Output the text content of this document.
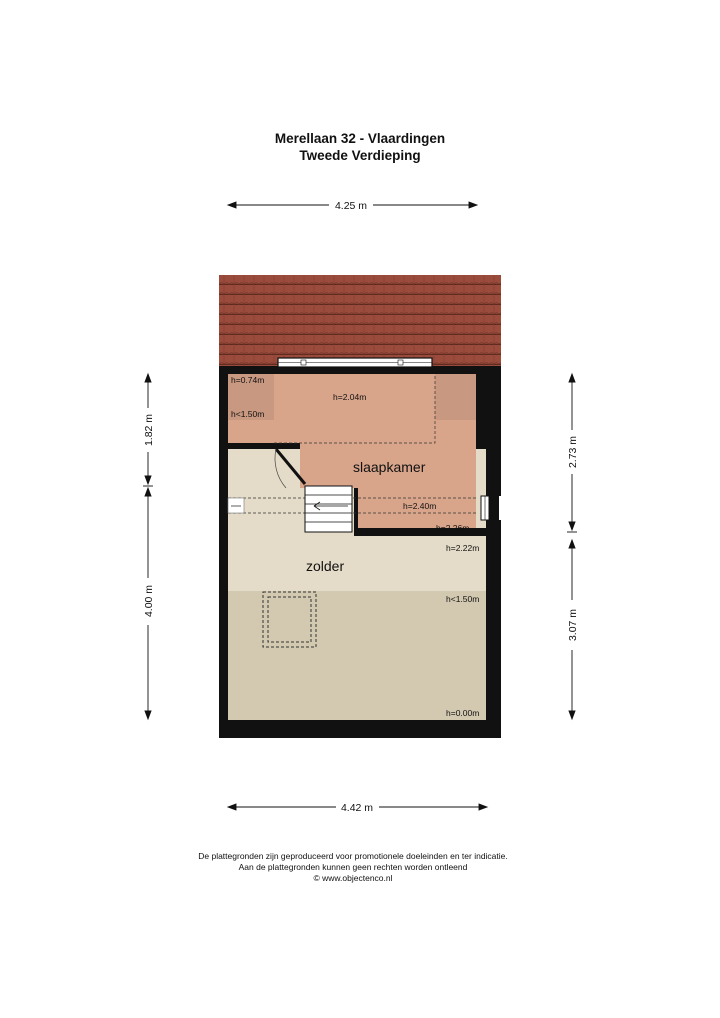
Merellaan 32 - Vlaardingen
Tweede Verdieping
4.25 m
4.42 m
1.82 m
4.00 m
2.73 m
3.07 m
slaapkamer
zolder
h=0.74m
h<1.50m
h=2.04m
h=2.40m
h=2.26m
h=2.22m
h<1.50m
h=0.00m
De plattegronden zijn geproduceerd voor promotionele doeleinden en ter indicatie.
Aan de plattegronden kunnen geen rechten worden ontleend
© www.objectenco.nl
